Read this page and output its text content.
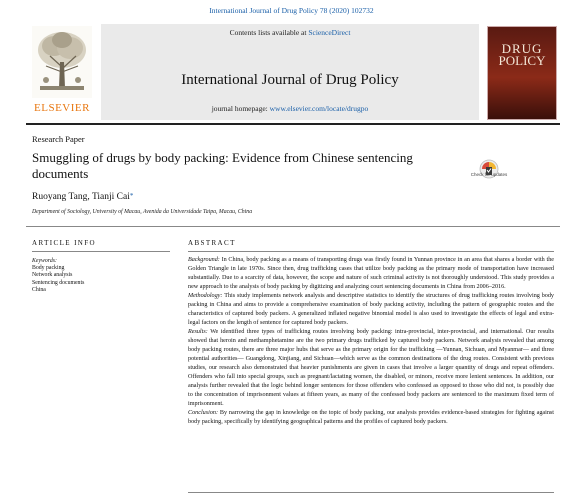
International Journal of Drug Policy 78 (2020) 102732
ELSEVIER
Contents lists available at ScienceDirect
International Journal of Drug Policy
journal homepage: www.elsevier.com/locate/drugpo
DRUG
POLICY
Research Paper
Smuggling of drugs by body packing: Evidence from Chinese sentencing documents	Check for updates
Ruoyang Tang, Tianji Cai*
Department of Sociology, University of Macau, Avenida da Universidade Taipa, Macau, China
ARTICLE INFO	ABSTRACT
Keywords:
Body packing
Network analysis
Sentencing documents
China

Background: In China, body packing as a means of transporting drugs was firstly found in Yunnan province in an area that shares a border with the Golden Triangle in late 1970s. Since then, drug trafficking cases that utilize body packing as the primary mode of transportation have increased substantially. Due to a scarcity of data, however, the scope and nature of such criminal activity is not thoroughly understood. This study provides a new approach to the analysis of body packing by digitizing and analyzing court sentencing documents in China from 2006–2016.

Methodology: This study implements network analysis and descriptive statistics to identify the structures of drug trafficking routes involving body packing in China and aims to provide a comprehensive examination of body packing activity, including the pattern of geographic routes and the characteristics of captured body packers. A generalized inflated negative binomial model is also used to investigate the effects of legal and extra-legal factors on the length of sentence for captured body packers.

Results: We identified three types of trafficking routes involving body packing: intra-provincial, inter-provincial, and international. Our results showed that heroin and methamphetamine are the two primary drugs trafficked by captured body packers. Network analysis revealed that among body packing routes, there are three major hubs that serve as the primary origin for the trafficking —Yunnan, Sichuan, and Myanmar— and three potential authorities— Guangdong, Xinjiang, and Sichuan—which serve as the common destinations of the drug routes. Consistent with previous studies, our research also demonstrated that heavier punishments are given in cases that involve a larger quantity of drugs and repeat offenders. Offenders who fall into special groups, such as pregnant/lactating women, the disabled, or minors, receive more lenient sentences. In addition, our analysis further revealed that the logic behind longer sentences for those offenders who confessed as opposed to those who did not, is possibly due to the concentration of imprisonment values at fifteen years, as many of the confessed body packers are sentenced to the maximum fixed term of imprisonment.

Conclusion: By narrowing the gap in knowledge on the topic of body packing, our analysis provides evidence-based strategies for fighting against body packing, specifically by identifying geographical patterns and the profiles of captured body packers.
